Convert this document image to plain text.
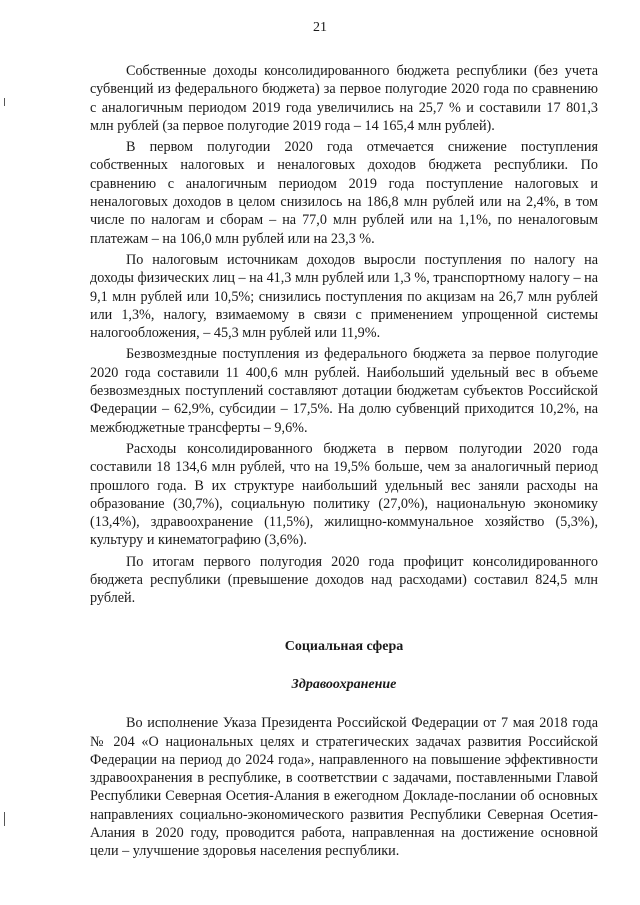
21

Собственные доходы консолидированного бюджета республики (без учета субвенций из федерального бюджета) за первое полугодие 2020 года по сравнению с аналогичным периодом 2019 года увеличились на 25,7 % и составили 17 801,3 млн рублей (за первое полугодие 2019 года – 14 165,4 млн рублей).

В первом полугодии 2020 года отмечается снижение поступления собственных налоговых и неналоговых доходов бюджета республики. По сравнению с аналогичным периодом 2019 года поступление налоговых и неналоговых доходов в целом снизилось на 186,8 млн рублей или на 2,4%, в том числе по налогам и сборам – на 77,0 млн рублей или на 1,1%, по неналоговым платежам – на 106,0 млн рублей или на 23,3 %.

По налоговым источникам доходов выросли поступления по налогу на доходы физических лиц – на 41,3 млн рублей или 1,3 %, транспортному налогу – на 9,1 млн рублей или 10,5%; снизились поступления по акцизам на 26,7 млн рублей или 1,3%, налогу, взимаемому в связи с применением упрощенной системы налогообложения, – 45,3 млн рублей или 11,9%.

Безвозмездные поступления из федерального бюджета за первое полугодие 2020 года составили 11 400,6 млн рублей. Наибольший удельный вес в объеме безвозмездных поступлений составляют дотации бюджетам субъектов Российской Федерации – 62,9%, субсидии – 17,5%. На долю субвенций приходится 10,2%, на межбюджетные трансферты – 9,6%.

Расходы консолидированного бюджета в первом полугодии 2020 года составили 18 134,6 млн рублей, что на 19,5% больше, чем за аналогичный период прошлого года. В их структуре наибольший удельный вес заняли расходы на образование (30,7%), социальную политику (27,0%), национальную экономику (13,4%), здравоохранение (11,5%), жилищно-коммунальное хозяйство (5,3%), культуру и кинематографию (3,6%).

По итогам первого полугодия 2020 года профицит консолидированного бюджета республики (превышение доходов над расходами) составил 824,5 млн рублей.

Социальная сфера
Здравоохранение

Во исполнение Указа Президента Российской Федерации от 7 мая 2018 года № 204 «О национальных целях и стратегических задачах развития Российской Федерации на период до 2024 года», направленного на повышение эффективности здравоохранения в республике, в соответствии с задачами, поставленными Главой Республики Северная Осетия-Алания в ежегодном Докладе-послании об основных направлениях социально-экономического развития Республики Северная Осетия-Алания в 2020 году, проводится работа, направленная на достижение основной цели – улучшение здоровья населения республики.
